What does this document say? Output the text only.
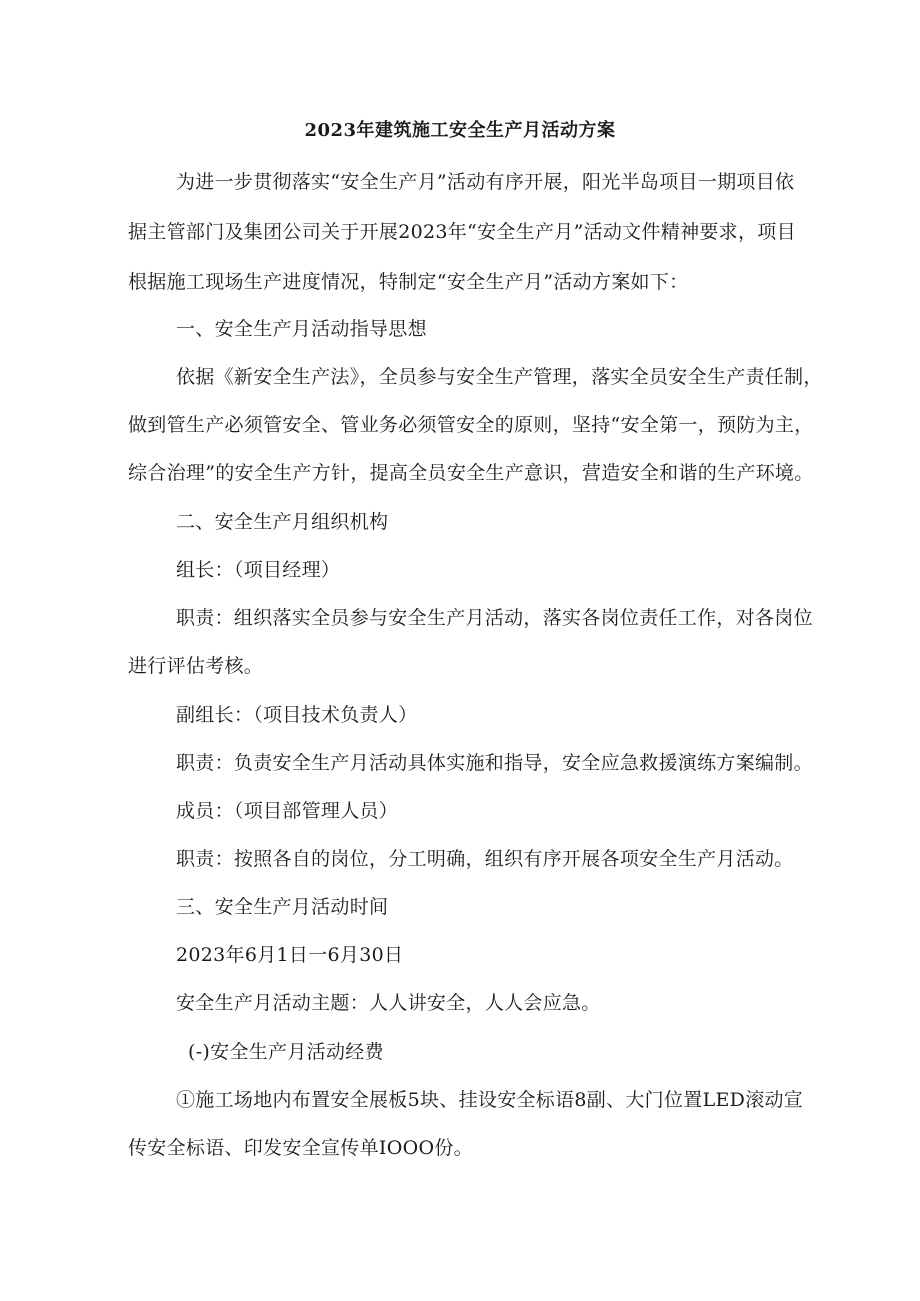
2023年建筑施工安全生产月活动方案

为进一步贯彻落实“安全生产月”活动有序开展，阳光半岛项目一期项目依

据主管部门及集团公司关于开展2023年“安全生产月”活动文件精神要求，项目

根据施工现场生产进度情况，特制定“安全生产月”活动方案如下：

一、安全生产月活动指导思想

依据《新安全生产法》，全员参与安全生产管理，落实全员安全生产责任制，

做到管生产必须管安全、管业务必须管安全的原则，坚持“安全第一，预防为主，

综合治理”的安全生产方针，提高全员安全生产意识，营造安全和谐的生产环境。

二、安全生产月组织机构

组长：（项目经理）

职责：组织落实全员参与安全生产月活动，落实各岗位责任工作，对各岗位

进行评估考核。

副组长：（项目技术负责人）

职责：负责安全生产月活动具体实施和指导，安全应急救援演练方案编制。

成员：（项目部管理人员）

职责：按照各自的岗位，分工明确，组织有序开展各项安全生产月活动。

三、安全生产月活动时间

2023年6月1日一6月30日

安全生产月活动主题：人人讲安全，人人会应急。

(-)安全生产月活动经费

①施工场地内布置安全展板5块、挂设安全标语8副、大门位置LED滚动宣

传安全标语、印发安全宣传单IOOO份。
